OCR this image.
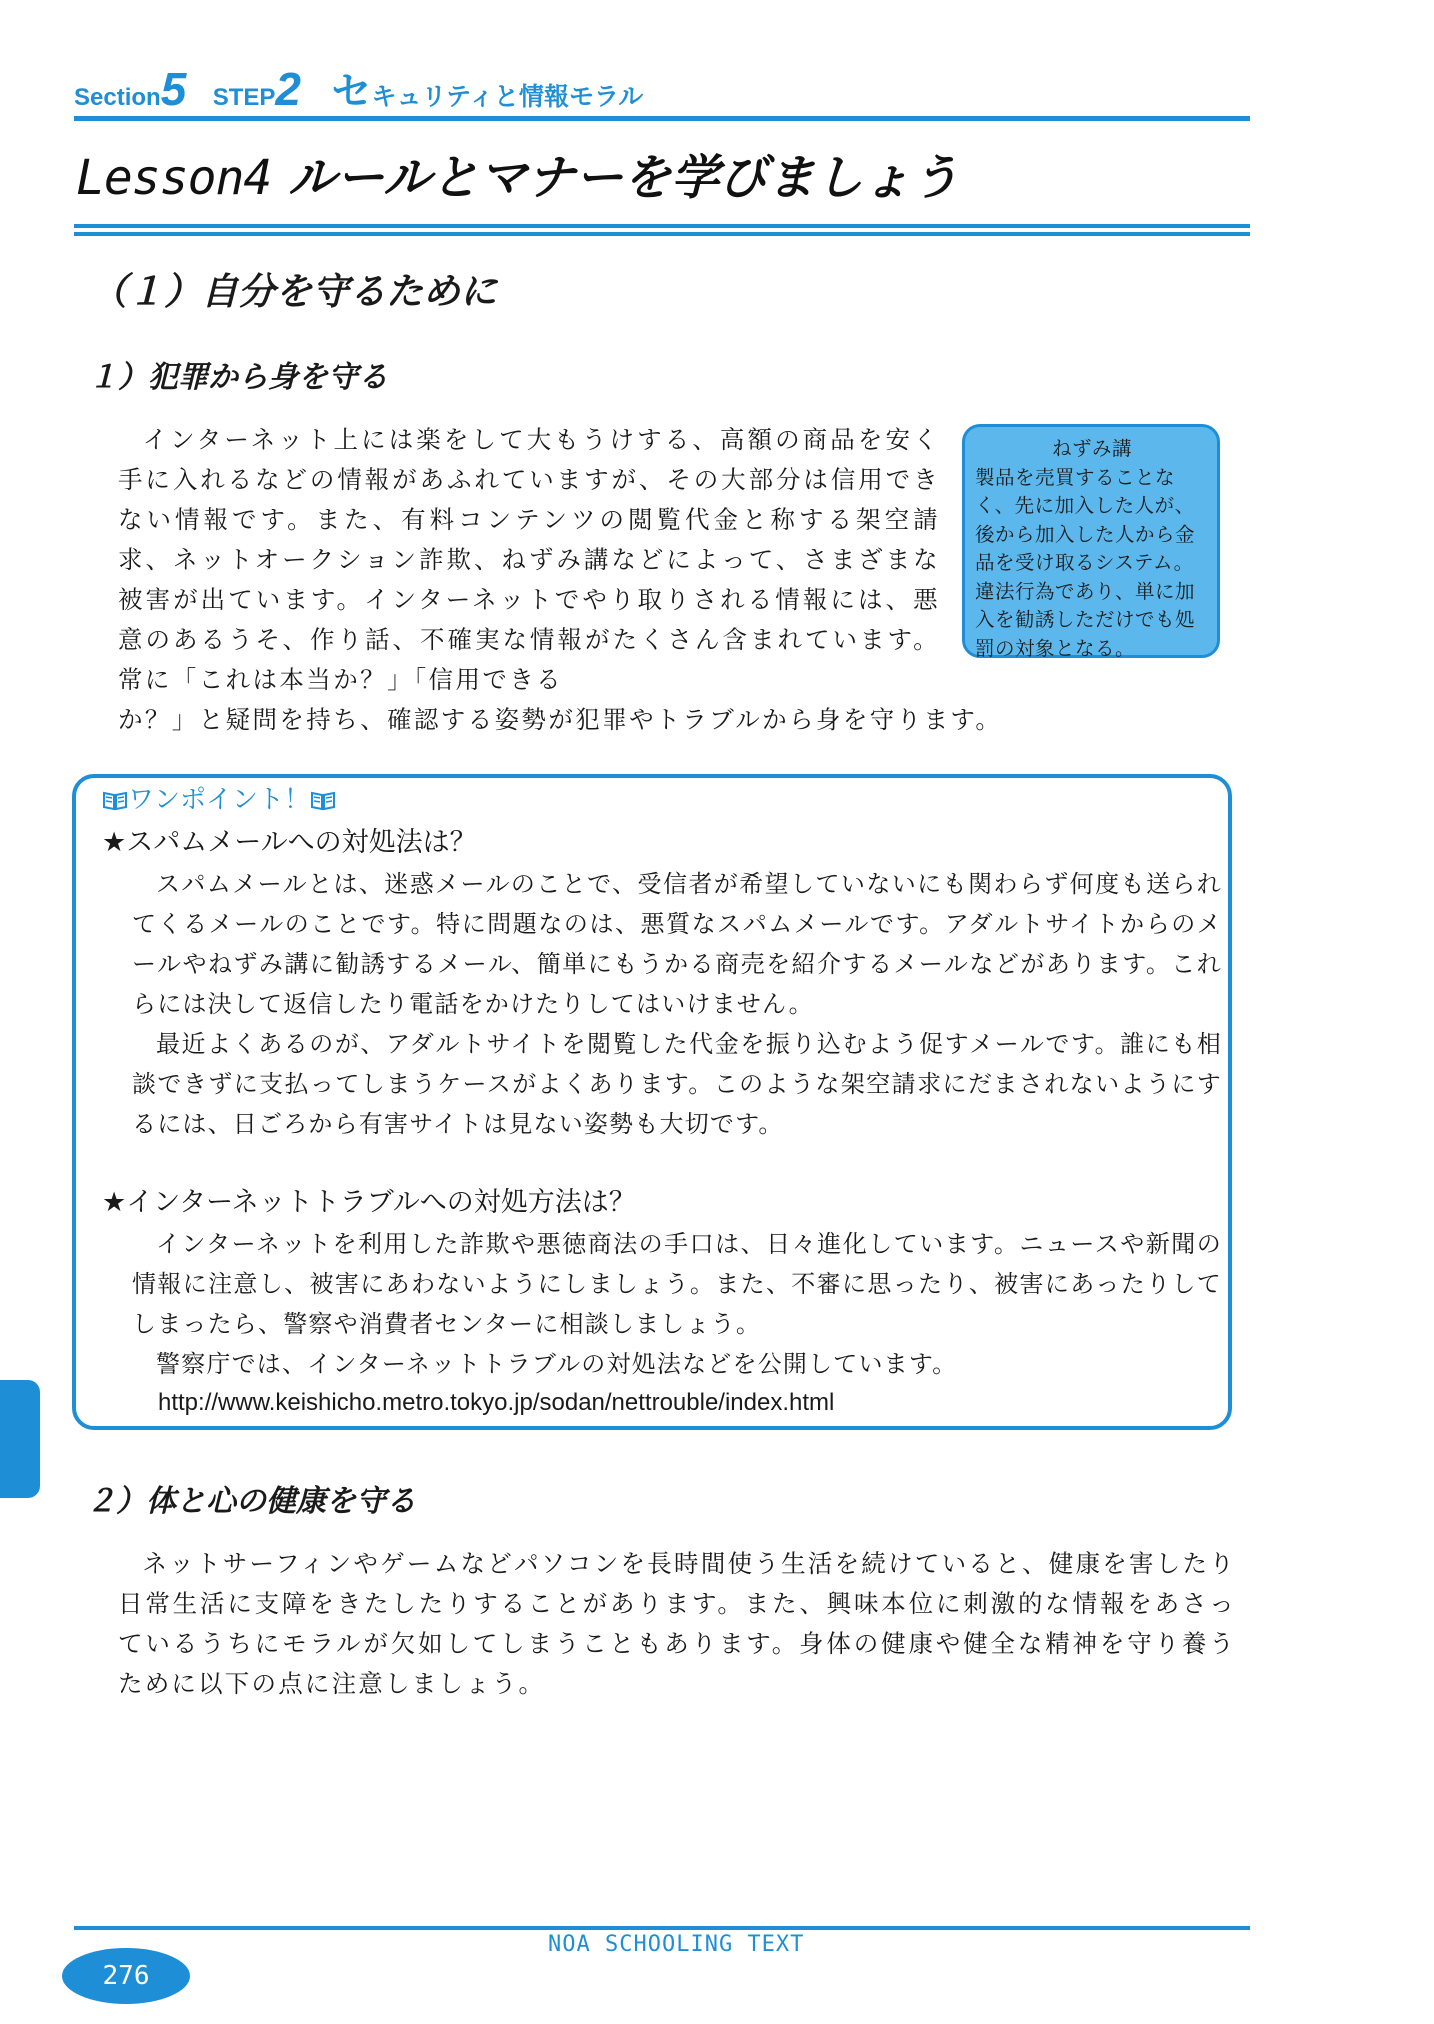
Section5 STEP2 セキュリティと情報モラル
Lesson4 ルールとマナーを学びましょう
（１）自分を守るために
１）犯罪から身を守る

インターネット上には楽をして大もうけする、高額の商品を安く手に入れるなどの情報があふれていますが、その大部分は信用できない情報です。また、有料コンテンツの閲覧代金と称する架空請求、ネットオークション詐欺、ねずみ講などによって、さまざまな被害が出ています。インターネットでやり取りされる情報には、悪意のあるうそ、作り話、不確実な情報がたくさん含まれています。常に「これは本当か？」「信用できる

か？」と疑問を持ち、確認する姿勢が犯罪やトラブルから身を守ります。

ねずみ講
製品を売買することなく、先に加入した人が、後から加入した人から金品を受け取るシステム。違法行為であり、単に加入を勧誘しただけでも処罰の対象となる。
ワンポイント！
★スパムメールへの対処法は？

スパムメールとは、迷惑メールのことで、受信者が希望していないにも関わらず何度も送られてくるメールのことです。特に問題なのは、悪質なスパムメールです。アダルトサイトからのメールやねずみ講に勧誘するメール、簡単にもうかる商売を紹介するメールなどがあります。これらには決して返信したり電話をかけたりしてはいけません。

最近よくあるのが、アダルトサイトを閲覧した代金を振り込むよう促すメールです。誰にも相談できずに支払ってしまうケースがよくあります。このような架空請求にだまされないようにするには、日ごろから有害サイトは見ない姿勢も大切です。

★インターネットトラブルへの対処方法は？

インターネットを利用した詐欺や悪徳商法の手口は、日々進化しています。ニュースや新聞の情報に注意し、被害にあわないようにしましょう。また、不審に思ったり、被害にあったりしてしまったら、警察や消費者センターに相談しましょう。

警察庁では、インターネットトラブルの対処法などを公開しています。

http://www.keishicho.metro.tokyo.jp/sodan/nettrouble/index.html
２）体と心の健康を守る

ネットサーフィンやゲームなどパソコンを長時間使う生活を続けていると、健康を害したり日常生活に支障をきたしたりすることがあります。また、興味本位に刺激的な情報をあさっているうちにモラルが欠如してしまうこともあります。身体の健康や健全な精神を守り養うために以下の点に注意しましょう。

NOA SCHOOLING TEXT
276
